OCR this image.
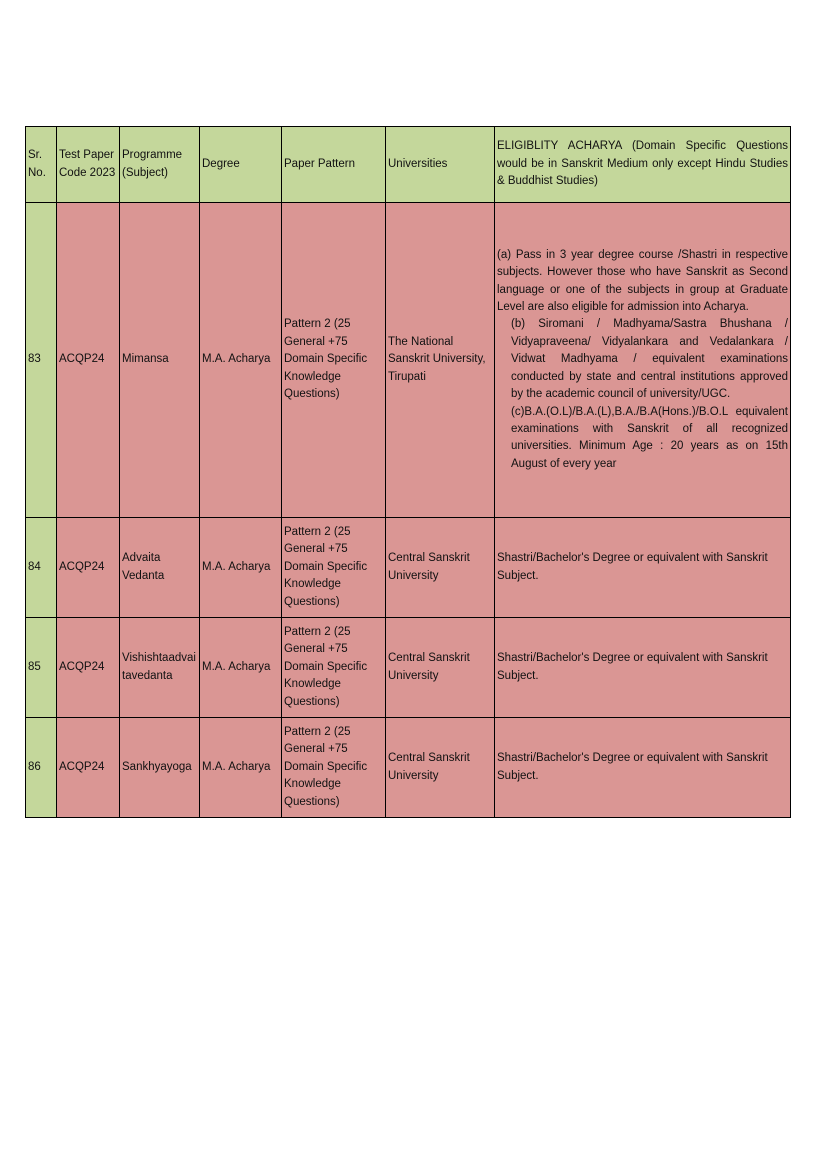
Sr. No.	Test Paper Code 2023	Programme (Subject)	Degree	Paper Pattern	Universities	ELIGIBLITY ACHARYA (Domain Specific Questions would be in Sanskrit Medium only except Hindu Studies & Buddhist Studies)
83	ACQP24	Mimansa	M.A. Acharya	Pattern 2 (25 General +75 Domain Specific Knowledge Questions)	The National Sanskrit University, Tirupati	(a) Pass in 3 year degree course /Shastri in respective subjects. However those who have Sanskrit as Second language or one of the subjects in group at Graduate Level are also eligible for admission into Acharya.
(b) Siromani / Madhyama/Sastra Bhushana / Vidyapraveena/ Vidyalankara and Vedalankara / Vidwat Madhyama / equivalent examinations conducted by state and central institutions approved by the academic council of university/UGC.
(c)B.A.(O.L)/B.A.(L),B.A./B.A(Hons.)/B.O.L equivalent examinations with Sanskrit of all recognized universities. Minimum Age : 20 years as on 15th August of every year

84	ACQP24	Advaita Vedanta	M.A. Acharya	Pattern 2 (25 General +75 Domain Specific Knowledge Questions)	Central Sanskrit University	Shastri/Bachelor's Degree or equivalent with Sanskrit Subject.
85	ACQP24	Vishishtaadvaitavedanta	M.A. Acharya	Pattern 2 (25 General +75 Domain Specific Knowledge Questions)	Central Sanskrit University	Shastri/Bachelor's Degree or equivalent with Sanskrit Subject.
86	ACQP24	Sankhyayoga	M.A. Acharya	Pattern 2 (25 General +75 Domain Specific Knowledge Questions)	Central Sanskrit University	Shastri/Bachelor's Degree or equivalent with Sanskrit Subject.
